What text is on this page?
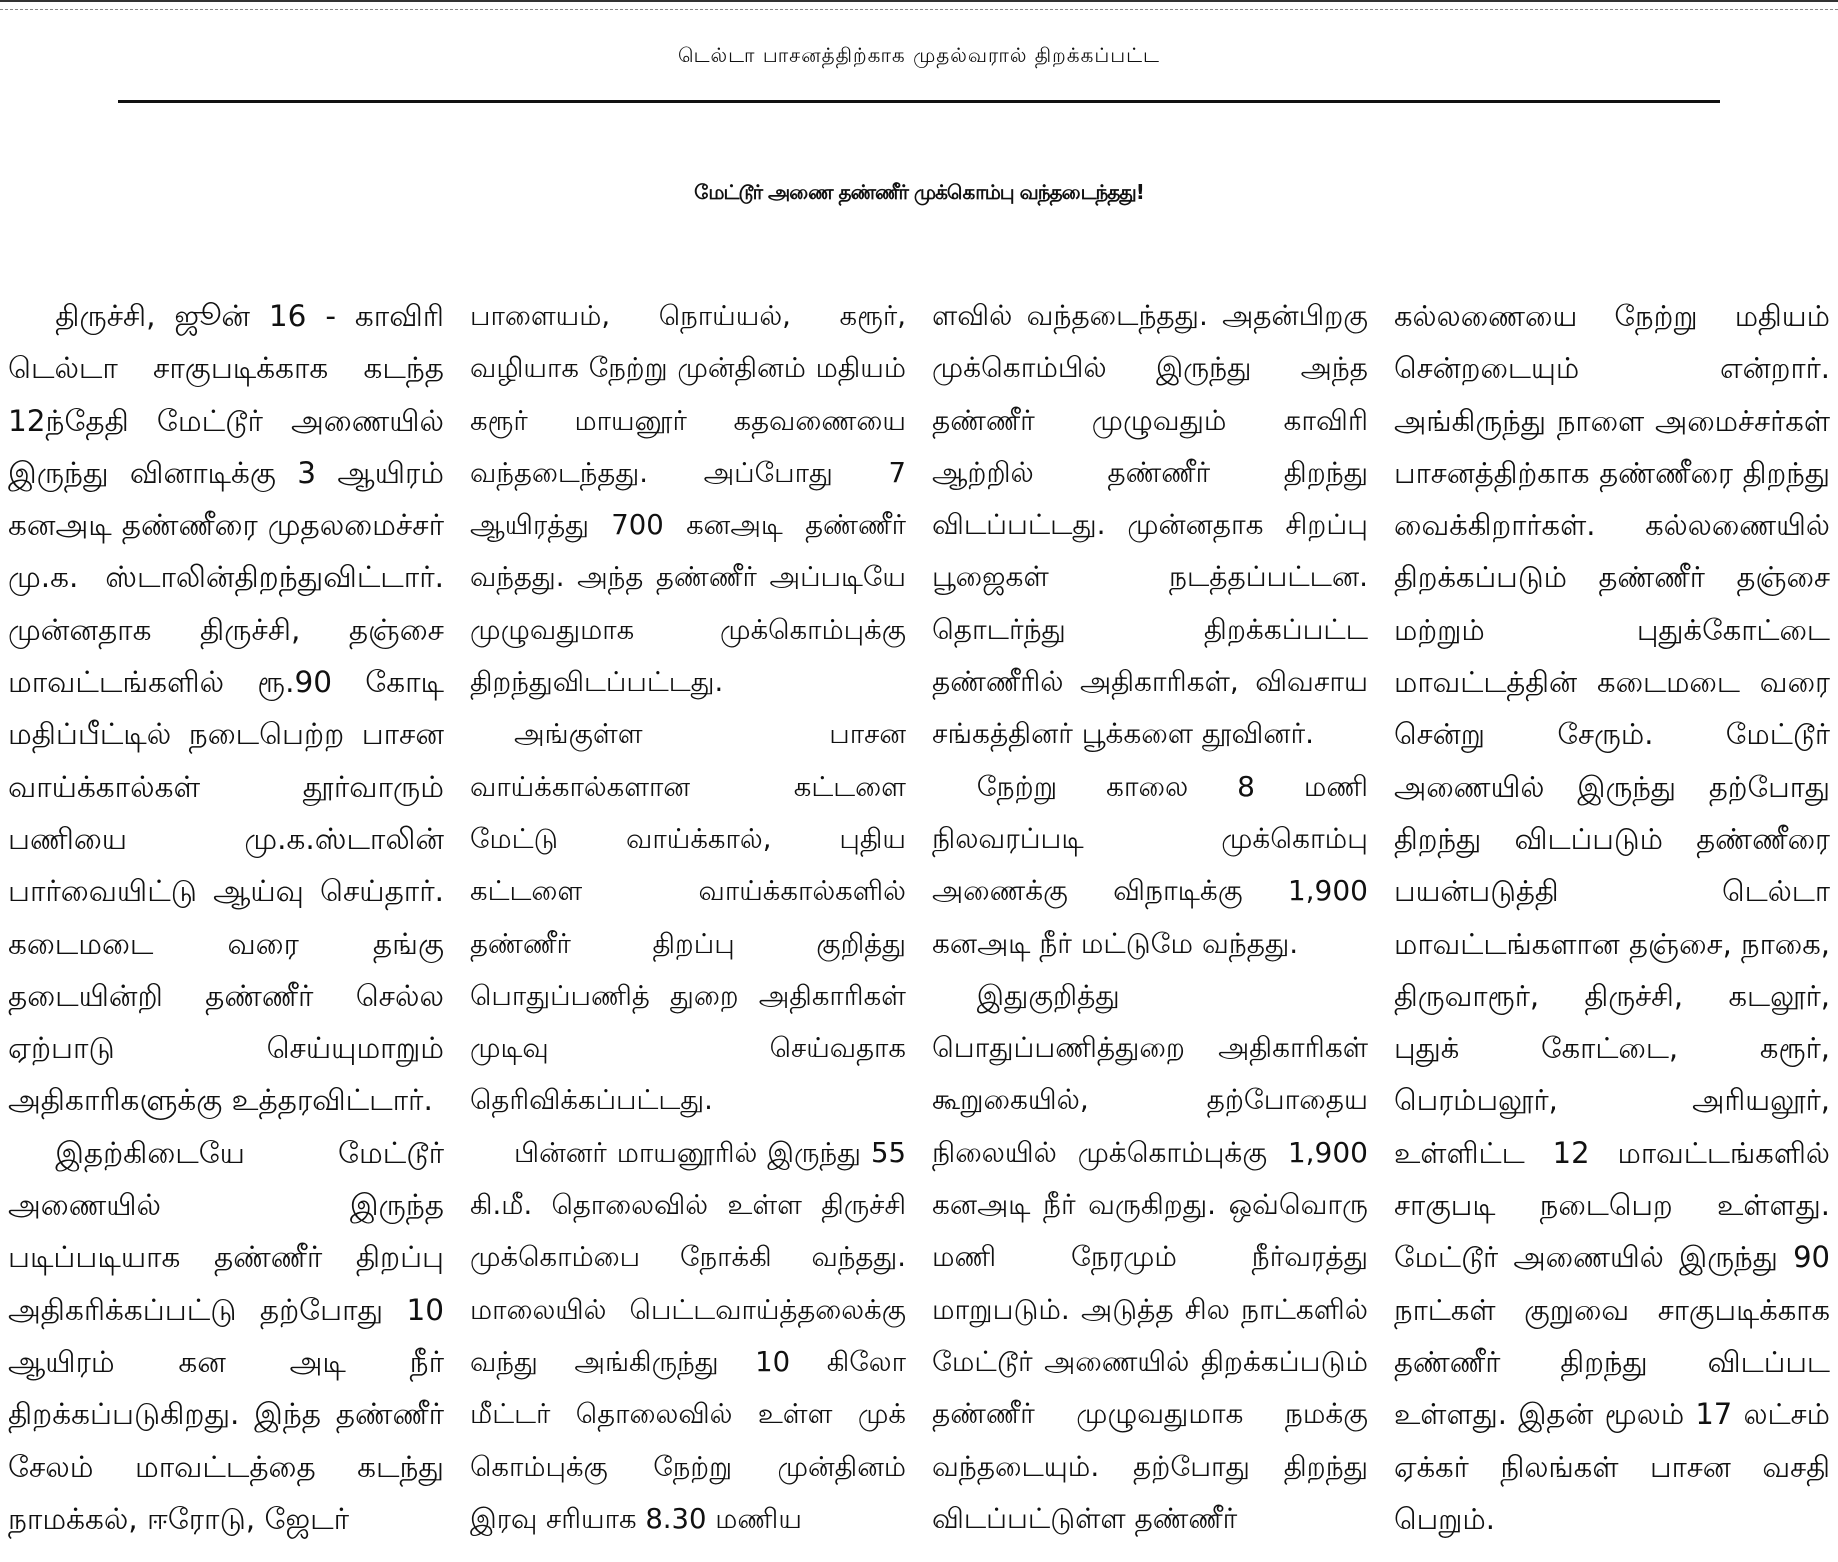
டெல்டா பாசனத்திற்காக முதல்வரால் திறக்கப்பட்ட
மேட்டூர் அணை தண்ணீர் முக்கொம்பு வந்தடைந்தது!

திருச்சி, ஜூன் 16 - காவிரி டெல்டா சாகுபடிக்காக கடந்த 12ந்தேதி மேட்டூர் அணையில் இருந்து வினாடிக்கு 3 ஆயிரம் கனஅடி தண்ணீரை முதலமைச்சர் மு.க. ஸ்டாலின்திறந்துவிட்டார். முன்னதாக திருச்சி, தஞ்சை மாவட்டங்களில் ரூ.90 கோடி மதிப்பீட்டில் நடைபெற்ற பாசன வாய்க்கால்கள் தூர்வாரும் பணியை மு.க.ஸ்டாலின் பார்வையிட்டு ஆய்வு செய்தார். கடைமடை வரை தங்கு தடையின்றி தண்ணீர் செல்ல ஏற்பாடு செய்யுமாறும் அதிகாரிகளுக்கு உத்தரவிட்டார்.

இதற்கிடையே மேட்டூர் அணையில் இருந்த படிப்படியாக தண்ணீர் திறப்பு அதிகரிக்கப்பட்டு தற்போது 10 ஆயிரம் கன அடி நீர் திறக்கப்படுகிறது. இந்த தண்ணீர் சேலம் மாவட்டத்தை கடந்து நாமக்கல், ஈரோடு, ஜேடர்

பாளையம், நொய்யல், கரூர், வழியாக நேற்று முன்தினம் மதியம் கரூர் மாயனூர் கதவணையை வந்தடைந்தது. அப்போது 7 ஆயிரத்து 700 கனஅடி தண்ணீர் வந்தது. அந்த தண்ணீர் அப்படியே முழுவதுமாக முக்கொம்புக்கு திறந்துவிடப்பட்டது.

அங்குள்ள பாசன வாய்க்கால்களான கட்டளை மேட்டு வாய்க்கால், புதிய கட்டளை வாய்க்கால்களில் தண்ணீர் திறப்பு குறித்து பொதுப்பணித் துறை அதிகாரிகள் முடிவு செய்வதாக தெரிவிக்கப்பட்டது.

பின்னர் மாயனூரில் இருந்து 55 கி.மீ. தொலைவில் உள்ள திருச்சி முக்கொம்பை நோக்கி வந்தது. மாலையில் பெட்டவாய்த்தலைக்கு வந்து அங்கிருந்து 10 கிலோ மீட்டர் தொலைவில் உள்ள முக் கொம்புக்கு நேற்று முன்தினம் இரவு சரியாக 8.30 மணிய

ளவில் வந்தடைந்தது. அதன்பிறகு முக்கொம்பில் இருந்து அந்த தண்ணீர் முழுவதும் காவிரி ஆற்றில் தண்ணீர் திறந்து விடப்பட்டது. முன்னதாக சிறப்பு பூஜைகள் நடத்தப்பட்டன. தொடர்ந்து திறக்கப்பட்ட தண்ணீரில் அதிகாரிகள், விவசாய சங்கத்தினர் பூக்களை தூவினர்.

நேற்று காலை 8 மணி நிலவரப்படி முக்கொம்பு அணைக்கு விநாடிக்கு 1,900 கனஅடி நீர் மட்டுமே வந்தது.

இதுகுறித்து பொதுப்பணித்துறை அதிகாரிகள் கூறுகையில், தற்போதைய நிலையில் முக்கொம்புக்கு 1,900 கனஅடி நீர் வருகிறது. ஒவ்வொரு மணி நேரமும் நீர்வரத்து மாறுபடும். அடுத்த சில நாட்களில் மேட்டூர் அணையில் திறக்கப்படும் தண்ணீர் முழுவதுமாக நமக்கு வந்தடையும். தற்போது திறந்து விடப்பட்டுள்ள தண்ணீர்

கல்லணையை நேற்று மதியம் சென்றடையும் என்றார். அங்கிருந்து நாளை அமைச்சர்கள் பாசனத்திற்காக தண்ணீரை திறந்து வைக்கிறார்கள். கல்லணையில் திறக்கப்படும் தண்ணீர் தஞ்சை மற்றும் புதுக்கோட்டை மாவட்டத்தின் கடைமடை வரை சென்று சேரும். மேட்டூர் அணையில் இருந்து தற்போது திறந்து விடப்படும் தண்ணீரை பயன்படுத்தி டெல்டா மாவட்டங்களான தஞ்சை, நாகை, திருவாரூர், திருச்சி, கடலூர், புதுக் கோட்டை, கரூர், பெரம்பலூர், அரியலூர், உள்ளிட்ட 12 மாவட்டங்களில் சாகுபடி நடைபெற உள்ளது. மேட்டூர் அணையில் இருந்து 90 நாட்கள் குறுவை சாகுபடிக்காக தண்ணீர் திறந்து விடப்பட உள்ளது. இதன் மூலம் 17 லட்சம் ஏக்கர் நிலங்கள் பாசன வசதி பெறும்.
